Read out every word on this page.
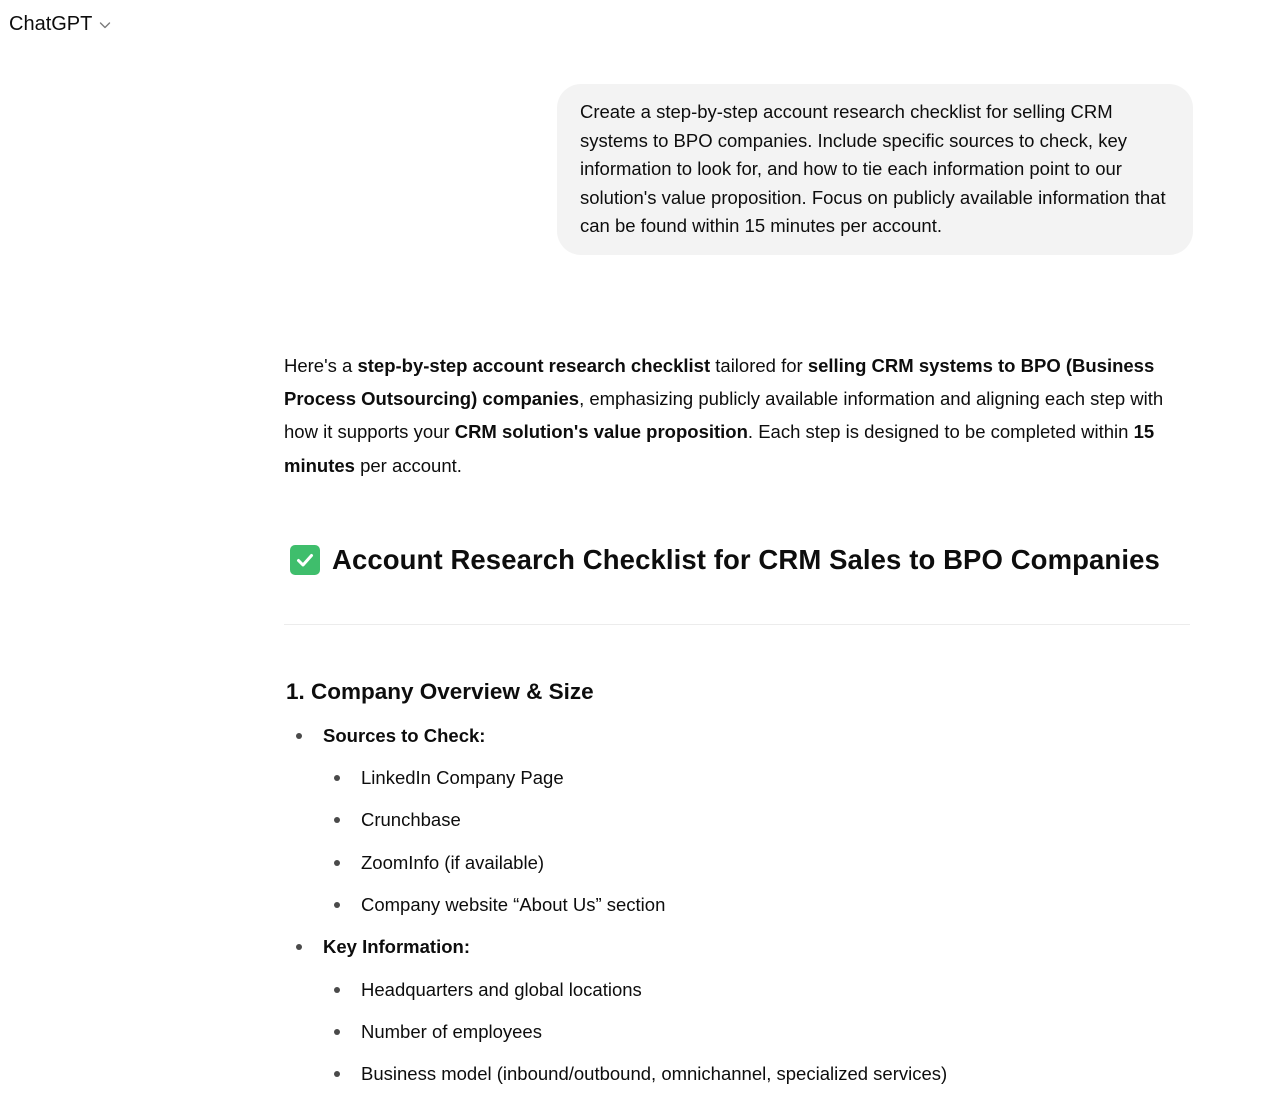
ChatGPT
Create a step-by-step account research checklist for selling CRM systems to BPO companies. Include specific sources to check, key information to look for, and how to tie each information point to our solution's value proposition. Focus on publicly available information that can be found within 15 minutes per account.

Here's a step-by-step account research checklist tailored for selling CRM systems to BPO (Business Process Outsourcing) companies, emphasizing publicly available information and aligning each step with how it supports your CRM solution's value proposition. Each step is designed to be completed within 15 minutes per account.

Account Research Checklist for CRM Sales to BPO Companies
1. Company Overview & Size
Sources to Check:
LinkedIn Company Page
Crunchbase
ZoomInfo (if available)
Company website “About Us” section
Key Information:
Headquarters and global locations
Number of employees
Business model (inbound/outbound, omnichannel, specialized services)
